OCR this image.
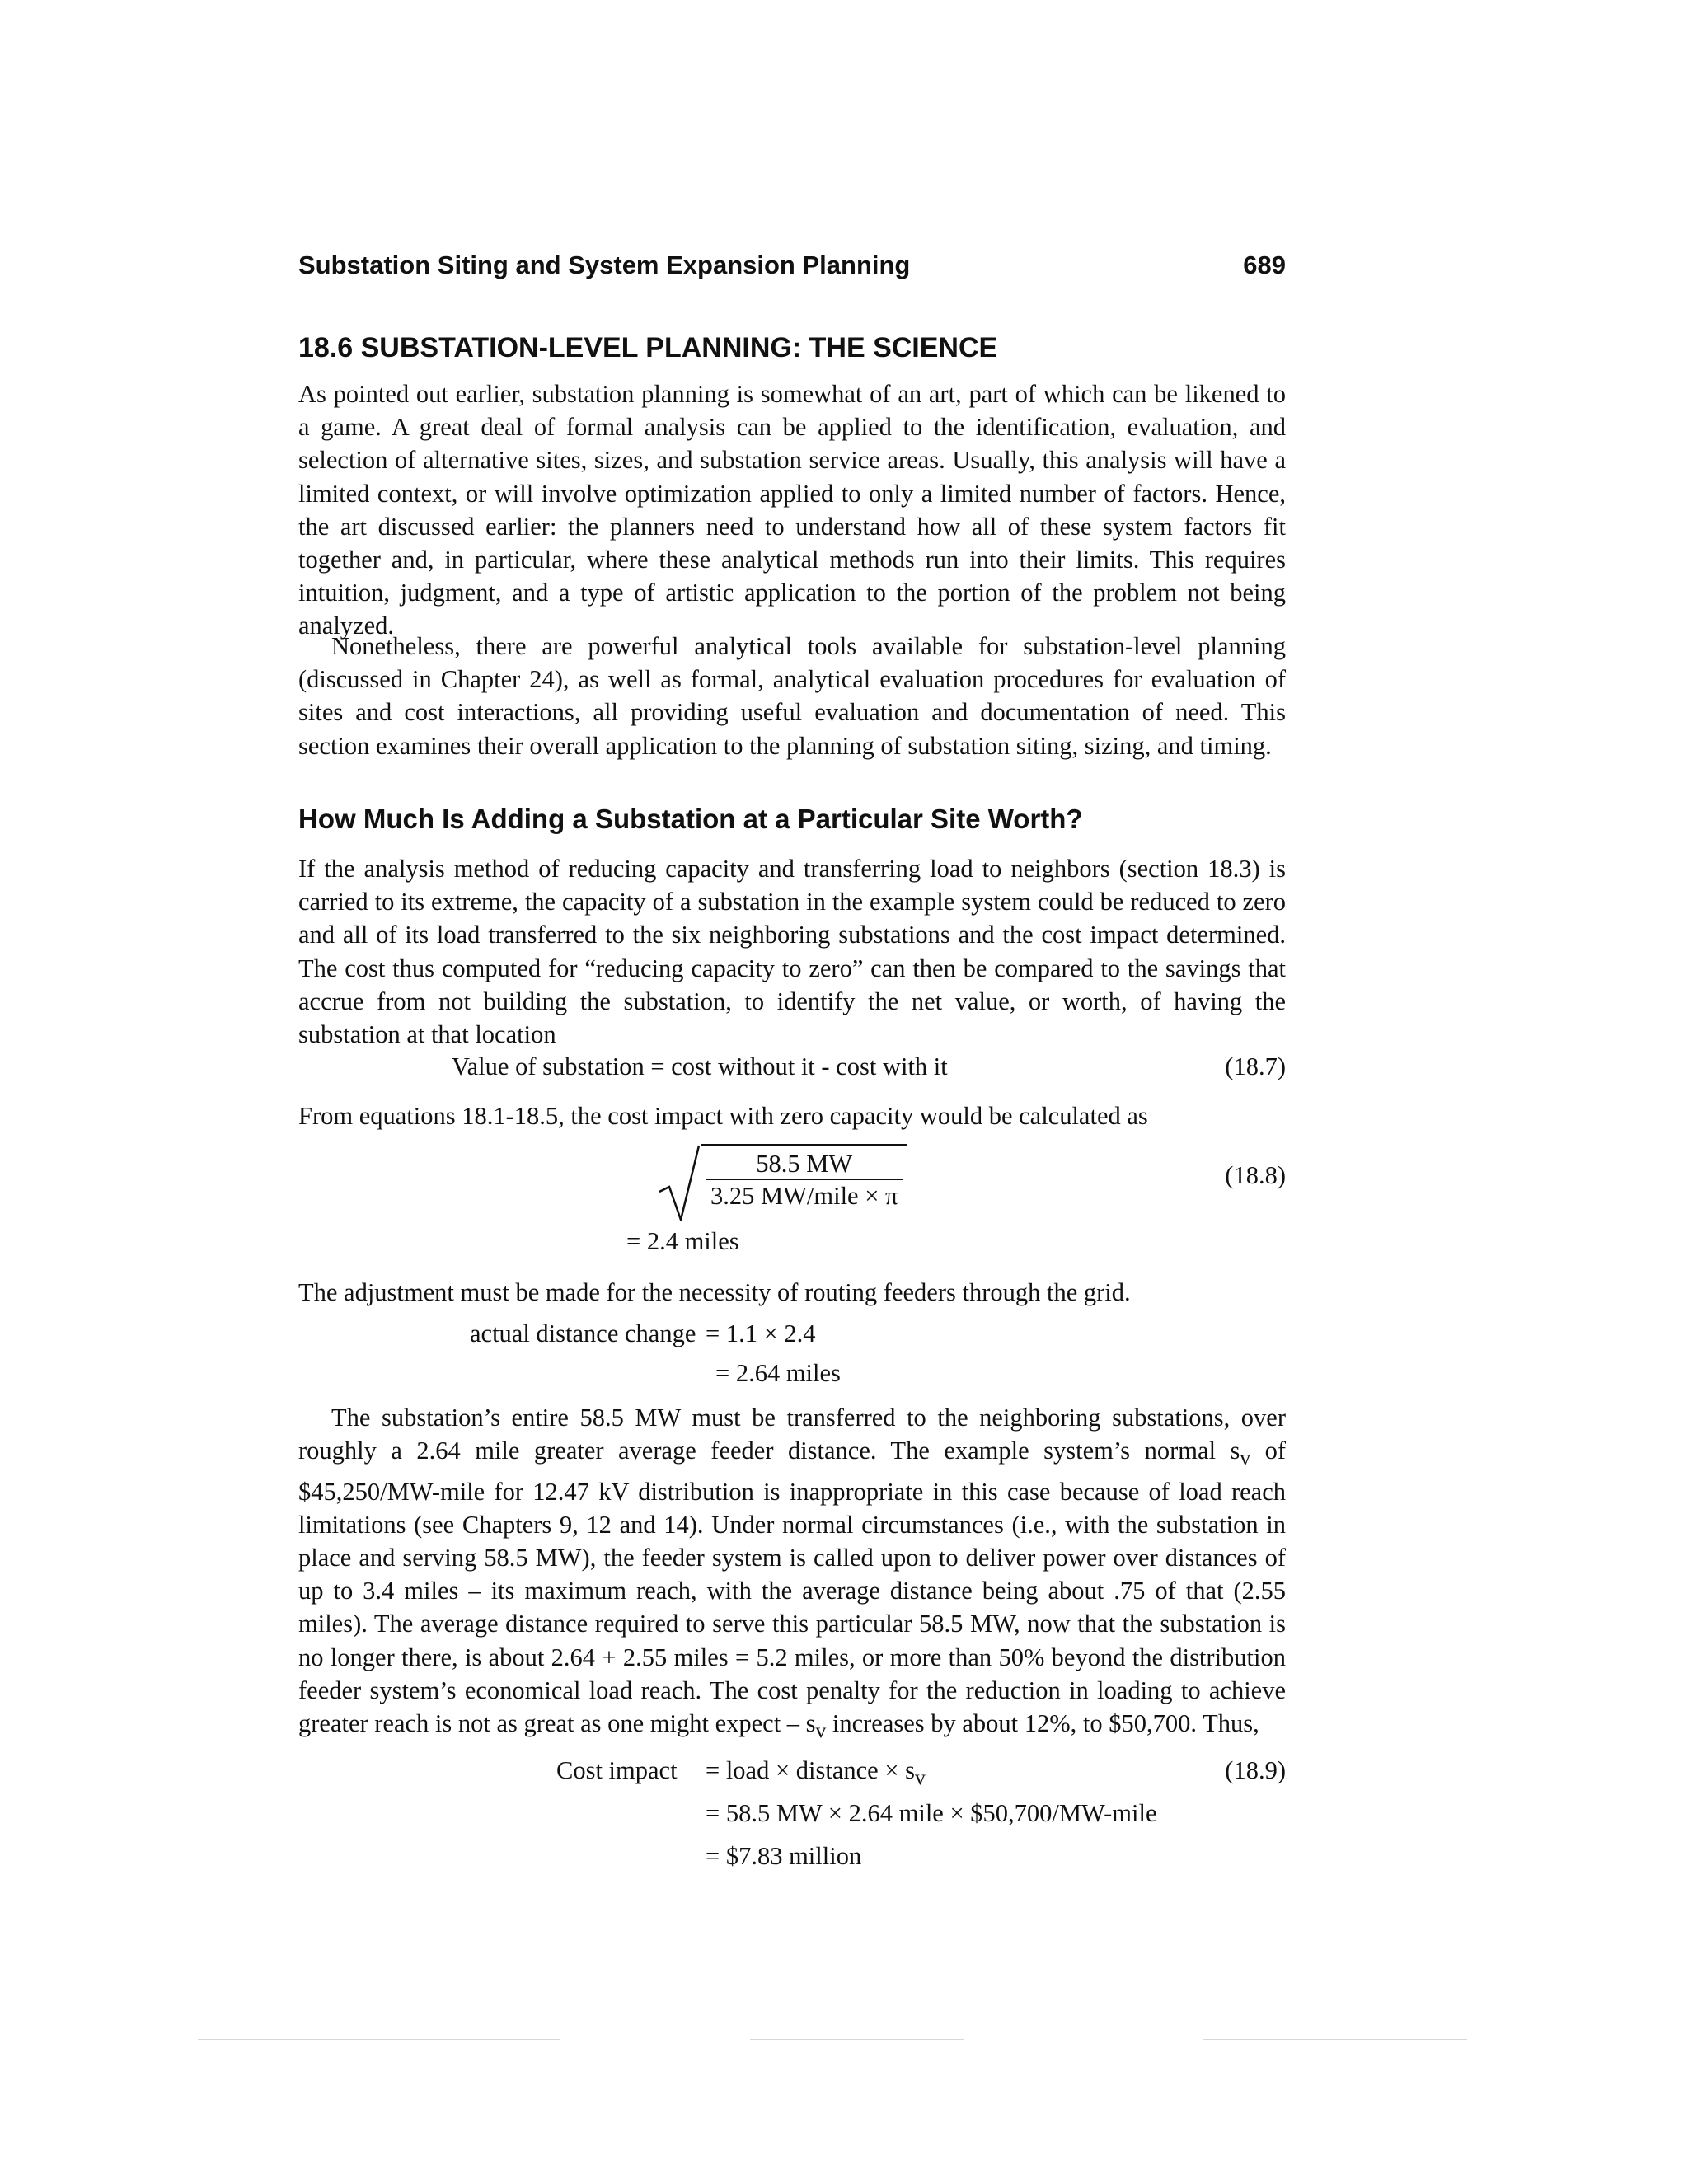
Substation Siting and System Expansion Planning	689
18.6 SUBSTATION-LEVEL PLANNING: THE SCIENCE

As pointed out earlier, substation planning is somewhat of an art, part of which can be likened to a game. A great deal of formal analysis can be applied to the identification, evaluation, and selection of alternative sites, sizes, and substation service areas. Usually, this analysis will have a limited context, or will involve optimization applied to only a limited number of factors. Hence, the art discussed earlier: the planners need to understand how all of these system factors fit together and, in particular, where these analytical methods run into their limits. This requires intuition, judgment, and a type of artistic application to the portion of the problem not being analyzed.

Nonetheless, there are powerful analytical tools available for substation-level planning (discussed in Chapter 24), as well as formal, analytical evaluation procedures for evaluation of sites and cost interactions, all providing useful evaluation and documentation of need. This section examines their overall application to the planning of substation siting, sizing, and timing.

How Much Is Adding a Substation at a Particular Site Worth?

If the analysis method of reducing capacity and transferring load to neighbors (section 18.3) is carried to its extreme, the capacity of a substation in the example system could be reduced to zero and all of its load transferred to the six neighboring substations and the cost impact determined. The cost thus computed for “reducing capacity to zero” can then be compared to the savings that accrue from not building the substation, to identify the net value, or worth, of having the substation at that location

Value of substation = cost without it - cost with it	(18.7)

From equations 18.1-18.5, the cost impact with zero capacity would be calculated as

$\frac{58.5 MW}{\text{3.25 MW/mile × π}}$	(18.8)
= 2.4 miles

The adjustment must be made for the necessity of routing feeders through the grid.

actual distance change = 1.1 × 2.4
= 2.64 miles

The substation’s entire 58.5 MW must be transferred to the neighboring substations, over roughly a 2.64 mile greater average feeder distance. The example system’s normal $s_v$ of $45,250/MW-mile for 12.47 kV distribution is inappropriate in this case because of load reach limitations (see Chapters 9, 12 and 14). Under normal circumstances (i.e., with the substation in place and serving 58.5 MW), the feeder system is called upon to deliver power over distances of up to 3.4 miles – its maximum reach, with the average distance being about .75 of that (2.55 miles). The average distance required to serve this particular 58.5 MW, now that the substation is no longer there, is about 2.64 + 2.55 miles = 5.2 miles, or more than 50% beyond the distribution feeder system’s economical load reach. The cost penalty for the reduction in loading to achieve greater reach is not as great as one might expect – $s_v$ increases by about 12%, to $50,700. Thus,

Cost impact = load × distance × $s_v$	(18.9)
= 58.5 MW × 2.64 mile × $50,700/MW-mile
= $7.83 million
